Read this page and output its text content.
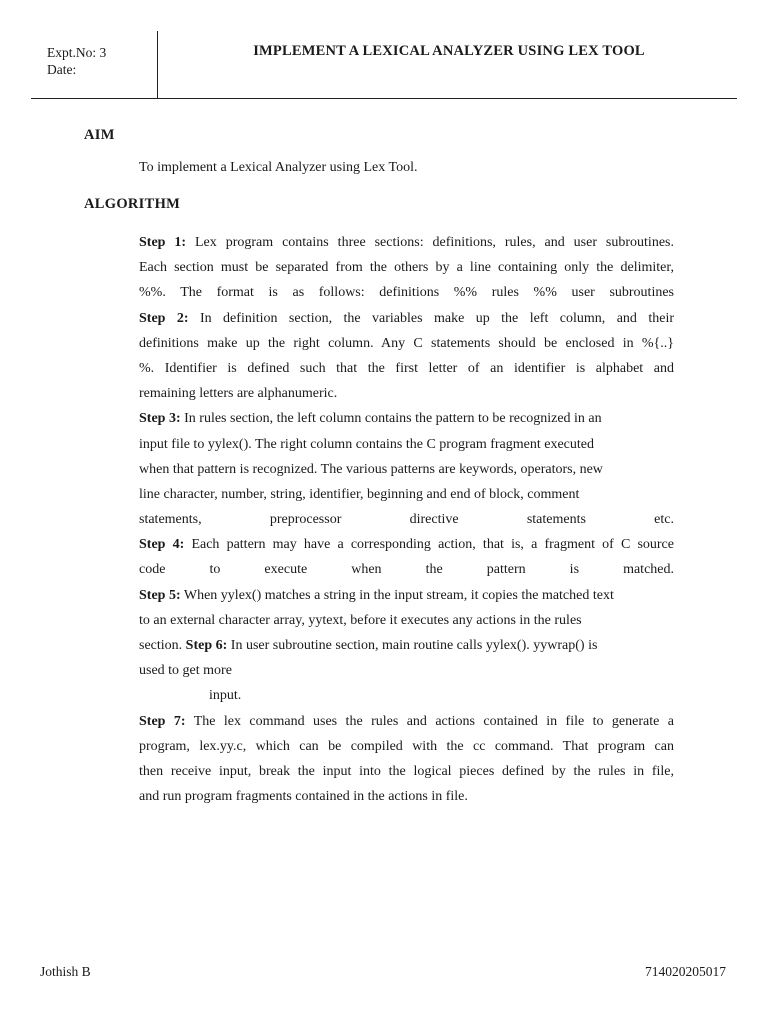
Expt.No: 3
Date:
IMPLEMENT A LEXICAL ANALYZER USING LEX TOOL
AIM
To implement a Lexical Analyzer using Lex Tool.
ALGORITHM
Step 1: Lex program contains three sections: definitions, rules, and user subroutines.
Each section must be separated from the others by a line containing only the delimiter,
%%. The format is as follows: definitions %% rules %% user subroutines
Step 2: In definition section, the variables make up the left column, and their
definitions make up the right column. Any C statements should be enclosed in %{..}
%. Identifier is defined such that the first letter of an identifier is alphabet and
remaining letters are alphanumeric.
Step 3: In rules section, the left column contains the pattern to be recognized in an
input file to yylex(). The right column contains the C program fragment executed
when that pattern is recognized. The various patterns are keywords, operators, new
line character, number, string, identifier, beginning and end of block, comment
statements, preprocessor directive statements etc.
Step 4: Each pattern may have a corresponding action, that is, a fragment of C source
code to execute when the pattern is matched.
Step 5: When yylex() matches a string in the input stream, it copies the matched text
to an external character array, yytext, before it executes any actions in the rules
section. Step 6: In user subroutine section, main routine calls yylex(). yywrap() is
used to get more
input.
Step 7: The lex command uses the rules and actions contained in file to generate a
program, lex.yy.c, which can be compiled with the cc command. That program can
then receive input, break the input into the logical pieces defined by the rules in file,
and run program fragments contained in the actions in file.
Jothish B	714020205017
